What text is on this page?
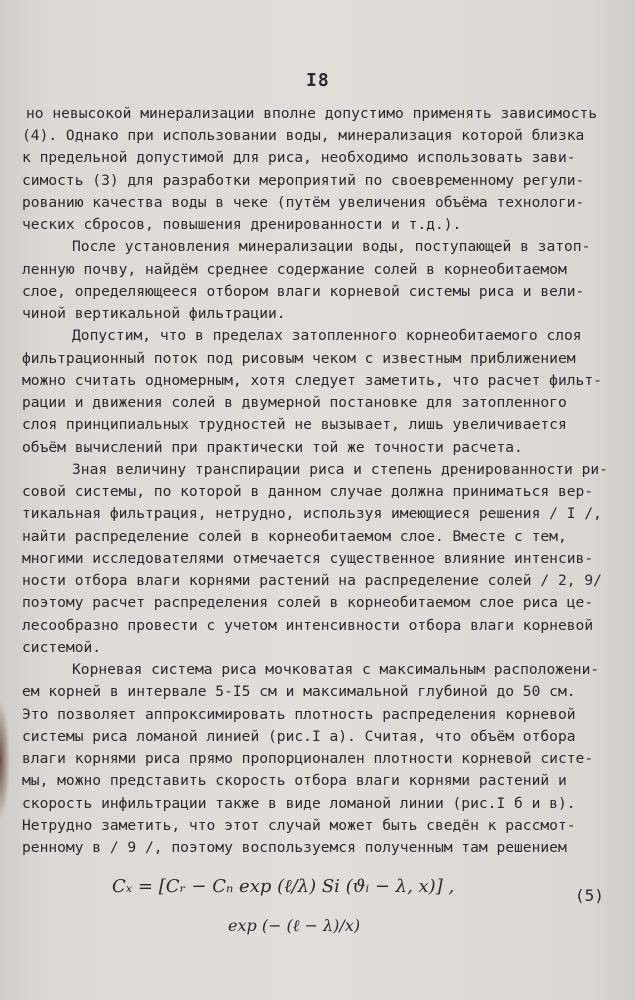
I8
но невысокой минерализации вполне допустимо применять зависимость
(4). Однако при использовании воды, минерализация которой близка
к предельной допустимой для риса, необходимо использовать зави-
симость (3) для разработки мероприятий по своевременному регули-
рованию качества воды в чеке (путём увеличения объёма технологи-
ческих сбросов, повышения дренированности и т.д.).
После установления минерализации воды, поступающей в затоп-
ленную почву, найдём среднее содержание солей в корнеобитаемом
слое, определяющееся отбором влаги корневой системы риса и вели-
чиной вертикальной фильтрации.
Допустим, что в пределах затопленного корнеобитаемого слоя
фильтрационный поток под рисовым чеком с известным приближением
можно считать одномерным, хотя следует заметить, что расчет фильт-
рации и движения солей в двумерной постановке для затопленного
слоя принципиальных трудностей не вызывает, лишь увеличивается
объём вычислений при практически той же точности расчета.
Зная величину транспирации риса и степень дренированности ри-
совой системы, по которой в данном случае должна приниматься вер-
тикальная фильтрация, нетрудно, используя имеющиеся решения / I /,
найти распределение солей в корнеобитаемом слое. Вместе с тем,
многими исследователями отмечается существенное влияние интенсив-
ности отбора влаги корнями растений на распределение солей / 2, 9/
поэтому расчет распределения солей в корнеобитаемом слое риса це-
лесообразно провести с учетом интенсивности отбора влаги корневой
системой.
Корневая система риса мочковатая с максимальным расположени-
ем корней в интервале 5-I5 см и максимальной глубиной до 50 см.
Это позволяет аппроксимировать плотность распределения корневой
системы риса ломаной линией (рис.I а). Считая, что объём отбора
влаги корнями риса прямо пропорционален плотности корневой систе-
мы, можно представить скорость отбора влаги корнями растений и
скорость инфильтрации также в виде ломаной линии (рис.I б и в).
Нетрудно заметить, что этот случай может быть сведён к рассмот-
ренному в / 9 /, поэтому воспользуемся полученным там решением
Cₓ = [Cᵣ − Cₙ exp (ℓ/λ) Si (ϑᵢ − λ, x)] ,
exp (− (ℓ − λ)/x)
(5)
